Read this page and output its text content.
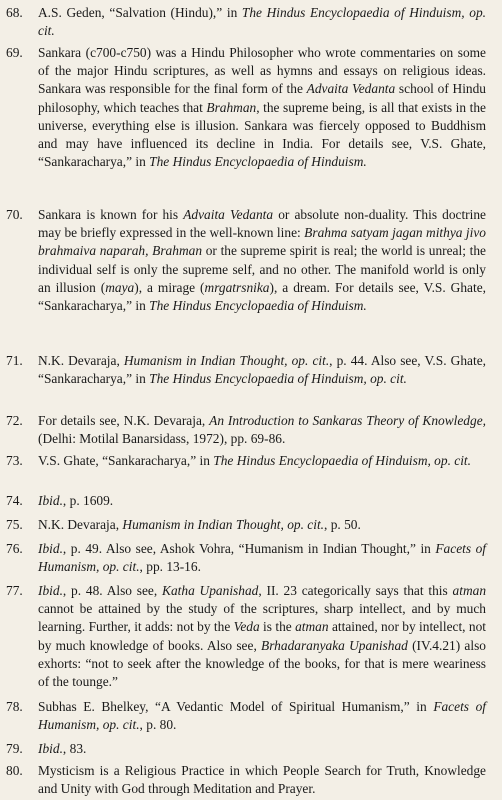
68.	A.S. Geden, “Salvation (Hindu),” in The Hindus Encyclopaedia of Hinduism, op. cit.
69.	Sankara (c700-c750) was a Hindu Philosopher who wrote commentaries on some of the major Hindu scriptures, as well as hymns and essays on religious ideas. Sankara was responsible for the final form of the Advaita Vedanta school of Hindu philosophy, which teaches that Brahman, the supreme being, is all that exists in the universe, everything else is illusion. Sankara was fiercely opposed to Buddhism and may have influenced its decline in India. For details see, V.S. Ghate, “Sankaracharya,” in The Hindus Encyclopaedia of Hinduism.
70.	Sankara is known for his Advaita Vedanta or absolute non-duality. This doctrine may be briefly expressed in the well-known line: Brahma satyam jagan mithya jivo brahmaiva naparah, Brahman or the supreme spirit is real; the world is unreal; the individual self is only the supreme self, and no other. The manifold world is only an illusion (maya), a mirage (mrgatrsnika), a dream. For details see, V.S. Ghate, “Sankaracharya,” in The Hindus Encyclopaedia of Hinduism.
71.	N.K. Devaraja, Humanism in Indian Thought, op. cit., p. 44. Also see, V.S. Ghate, “Sankaracharya,” in The Hindus Encyclopaedia of Hinduism, op. cit.
72.	For details see, N.K. Devaraja, An Introduction to Sankaras Theory of Knowledge, (Delhi: Motilal Banarsidass, 1972), pp. 69-86.
73.	V.S. Ghate, “Sankaracharya,” in The Hindus Encyclopaedia of Hinduism, op. cit.
74.	Ibid., p. 1609.
75.	N.K. Devaraja, Humanism in Indian Thought, op. cit., p. 50.
76.	Ibid., p. 49. Also see, Ashok Vohra, “Humanism in Indian Thought,” in Facets of Humanism, op. cit., pp. 13-16.
77.	Ibid., p. 48. Also see, Katha Upanishad, II. 23 categorically says that this atman cannot be attained by the study of the scriptures, sharp intellect, and by much learning. Further, it adds: not by the Veda is the atman attained, nor by intellect, not by much knowledge of books. Also see, Brhadaranyaka Upanishad (IV.4.21) also exhorts: “not to seek after the knowledge of the books, for that is mere weariness of the tounge.”
78.	Subhas E. Bhelkey, “A Vedantic Model of Spiritual Humanism,” in Facets of Humanism, op. cit., p. 80.
79.	Ibid., 83.
80.	Mysticism is a Religious Practice in which People Search for Truth, Knowledge and Unity with God through Meditation and Prayer.
